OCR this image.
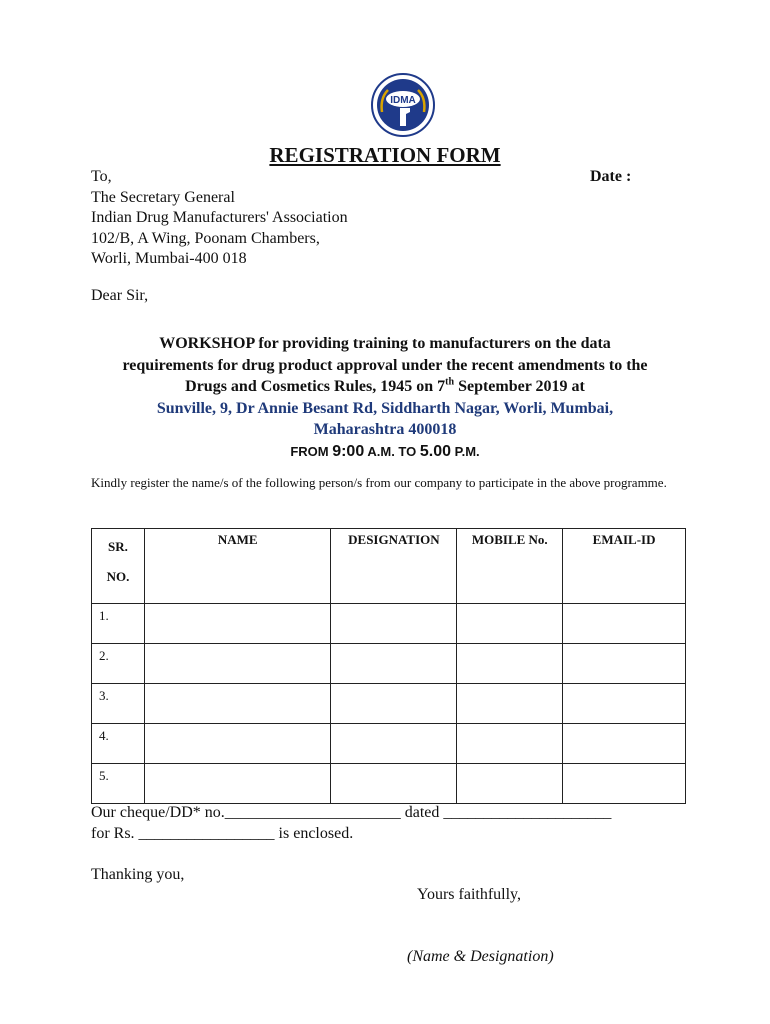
IDMA
REGISTRATION FORM
Date :
To,
The Secretary General
Indian Drug Manufacturers' Association
102/B, A Wing, Poonam Chambers,
Worli, Mumbai-400 018
Dear Sir,
WORKSHOP for providing training to manufacturers on the data
requirements for drug product approval under the recent amendments to the
Drugs and Cosmetics Rules, 1945 on 7th September 2019 at
Sunville, 9, Dr Annie Besant Rd, Siddharth Nagar, Worli, Mumbai,
Maharashtra 400018
FROM 9:00 A.M. TO 5.00 P.M.
Kindly register the name/s of the following person/s from our company to participate in the above programme.
SR.
NO.	NAME	DESIGNATION	MOBILE No.	EMAIL-ID
1.				
2.				
3.				
4.				
5.				
Our cheque/DD* no.______________________ dated _____________________
for Rs. _________________ is enclosed.
Thanking you,
Yours faithfully,
(Name & Designation)
